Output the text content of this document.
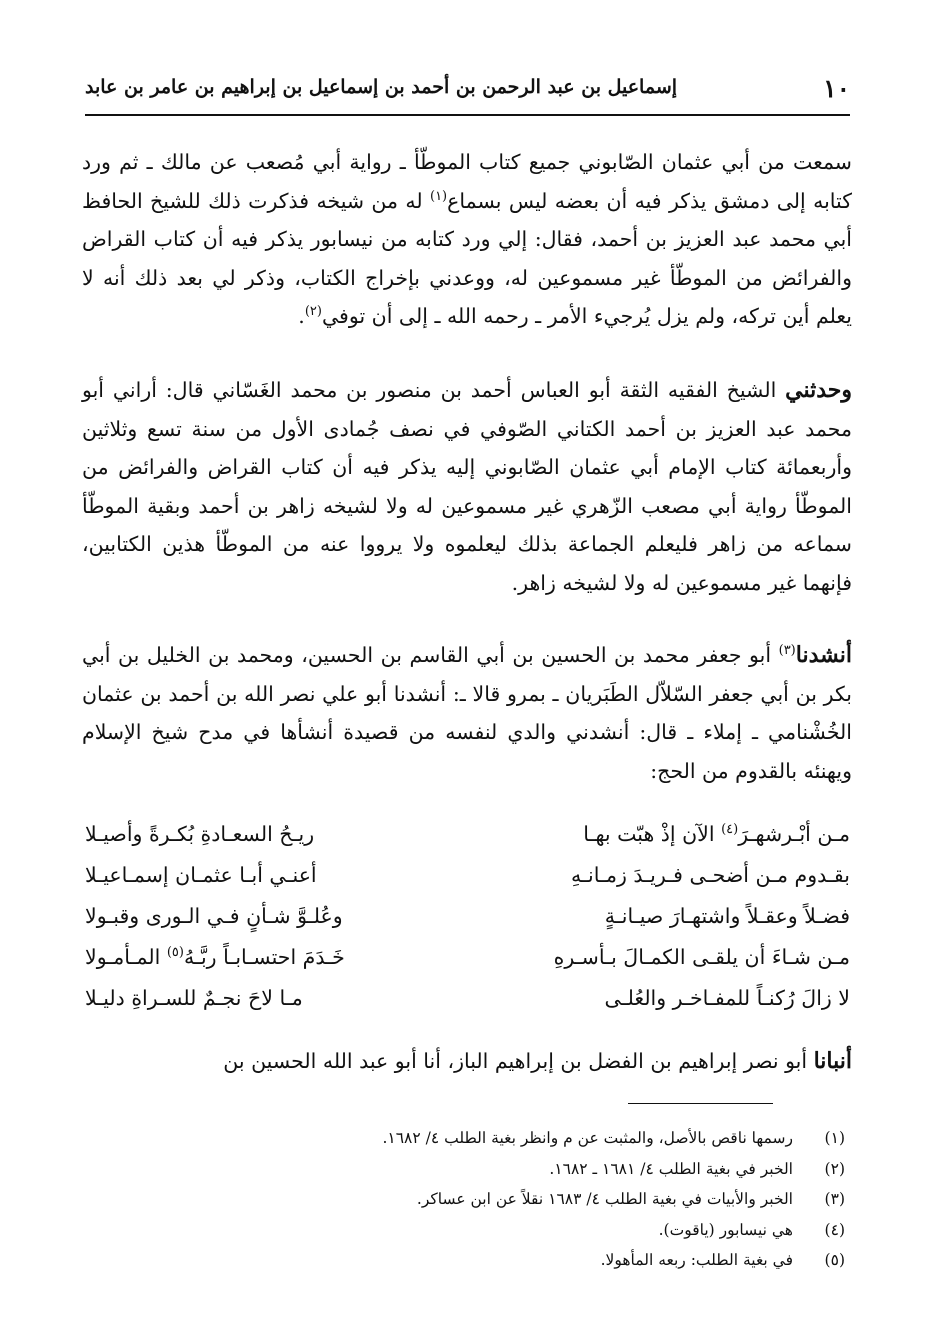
١٠
إسماعيل بن عبد الرحمن بن أحمد بن إسماعيل بن إبراهيم بن عامر بن عابد

سمعت من أبي عثمان الصّابوني جميع كتاب الموطّأ ـ رواية أبي مُصعب عن مالك ـ ثم ورد كتابه إلى دمشق يذكر فيه أن بعضه ليس بسماع$^{(١)}$ له من شيخه فذكرت ذلك للشيخ الحافظ أبي محمد عبد العزيز بن أحمد، فقال: إلي ورد كتابه من نيسابور يذكر فيه أن كتاب القراض والفرائض من الموطّأ غير مسموعين له، ووعدني بإخراج الكتاب، وذكر لي بعد ذلك أنه لا يعلم أين تركه، ولم يزل يُرجيء الأمر ـ رحمه الله ـ إلى أن توفي$^{(٢)}$.

وحدثني الشيخ الفقيه الثقة أبو العباس أحمد بن منصور بن محمد الغَسّاني قال: أراني أبو محمد عبد العزيز بن أحمد الكتاني الصّوفي في نصف جُمادى الأول من سنة تسع وثلاثين وأربعمائة كتاب الإمام أبي عثمان الصّابوني إليه يذكر فيه أن كتاب القراض والفرائض من الموطّأ رواية أبي مصعب الزّهري غير مسموعين له ولا لشيخه زاهر بن أحمد وبقية الموطّأ سماعه من زاهر فليعلم الجماعة بذلك ليعلموه ولا يرووا عنه من الموطّأ هذين الكتابين، فإنهما غير مسموعين له ولا لشيخه زاهر.

أنشدنا$^{(٣)}$ أبو جعفر محمد بن الحسين بن أبي القاسم بن الحسين، ومحمد بن الخليل بن أبي بكر بن أبي جعفر السّلاّل الطَبَريان ـ بمرو قالا ـ: أنشدنا أبو علي نصر الله بن أحمد بن عثمان الخُشْنامي ـ إملاء ـ قال: أنشدني والدي لنفسه من قصيدة أنشأها في مدح شيخ الإسلام ويهنئه بالقدوم من الحج:

مـن أبْـرشهـرَ$^{(٤)}$ الآن إذْ هبّت بهـا
ريـحُ السعـادةِ بُكـرةً وأصيـلا
بقـدوم مـن أضحـى فـريـدَ زمـانـهِ
أعنـي أبـا عثمـان إسمـاعيـلا
فضـلاً وعقـلاً واشتهـارَ صيـانـةٍ
وعُلـوَّ شـأنٍ فـي الـورى وقبـولا
مـن شـاءَ أن يلقـى الكمـالَ بـأسـرهِ
خَـدَمَ احتسـابـاً ربَّـهُ$^{(٥)}$ المـأمـولا
لا زالَ رُكنـاً للمفـاخـر والعُلـى
مـا لاحَ نجـمٌ للسـراةِ دليـلا

أنبانا أبو نصر إبراهيم بن الفضل بن إبراهيم الباز، أنا أبو عبد الله الحسين بن

(١)
رسمها ناقص بالأصل، والمثبت عن م وانظر بغية الطلب ٤/ ١٦٨٢.
(٢)
الخبر في بغية الطلب ٤/ ١٦٨١ ـ ١٦٨٢.
(٣)
الخبر والأبيات في بغية الطلب ٤/ ١٦٨٣ نقلاً عن ابن عساكر.
(٤)
هي نيسابور (ياقوت).
(٥)
في بغية الطلب: ربعه المأهولا.
